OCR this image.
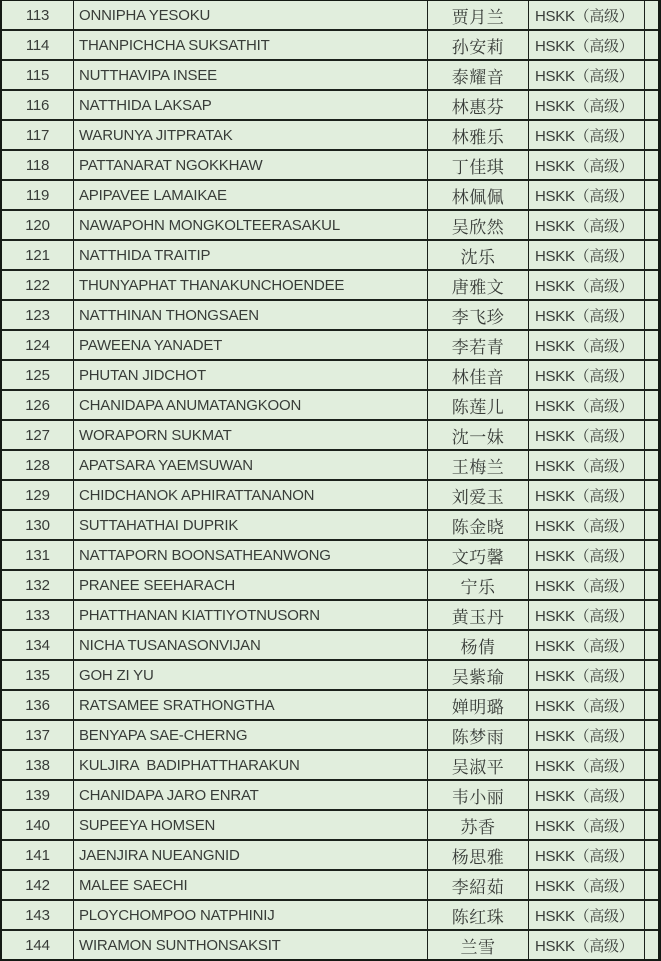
113	ONNIPHA YESOKU	贾月兰	HSKK（高级）
114	THANPICHCHA SUKSATHIT	孙安莉	HSKK（高级）
115	NUTTHAVIPA INSEE	泰耀音	HSKK（高级）
116	NATTHIDA LAKSAP	林惠芬	HSKK（高级）
117	WARUNYA JITPRATAK	林雅乐	HSKK（高级）
118	PATTANARAT NGOKKHAW	丁佳琪	HSKK（高级）
119	APIPAVEE LAMAIKAE	林佩佩	HSKK（高级）
120	NAWAPOHN MONGKOLTEERASAKUL	吴欣然	HSKK（高级）
121	NATTHIDA TRAITIP	沈乐	HSKK（高级）
122	THUNYAPHAT THANAKUNCHOENDEE	唐雅文	HSKK（高级）
123	NATTHINAN THONGSAEN	李飞珍	HSKK（高级）
124	PAWEENA YANADET	李若青	HSKK（高级）
125	PHUTAN JIDCHOT	林佳音	HSKK（高级）
126	CHANIDAPA ANUMATANGKOON	陈莲儿	HSKK（高级）
127	WORAPORN SUKMAT	沈一妹	HSKK（高级）
128	APATSARA YAEMSUWAN	王梅兰	HSKK（高级）
129	CHIDCHANOK APHIRATTANANON	刘爱玉	HSKK（高级）
130	SUTTAHATHAI DUPRIK	陈金晓	HSKK（高级）
131	NATTAPORN BOONSATHEANWONG	文巧馨	HSKK（高级）
132	PRANEE SEEHARACH	宁乐	HSKK（高级）
133	PHATTHANAN KIATTIYOTNUSORN	黄玉丹	HSKK（高级）
134	NICHA TUSANASONVIJAN	杨倩	HSKK（高级）
135	GOH ZI YU	吴紫瑜	HSKK（高级）
136	RATSAMEE SRATHONGTHA	婵明璐	HSKK（高级）
137	BENYAPA SAE-CHERNG	陈梦雨	HSKK（高级）
138	KULJIRA  BADIPHATTHARAKUN	吴淑平	HSKK（高级）
139	CHANIDAPA JARO ENRAT	韦小丽	HSKK（高级）
140	SUPEEYA HOMSEN	苏香	HSKK（高级）
141	JAENJIRA NUEANGNID	杨思雅	HSKK（高级）
142	MALEE SAECHI	李紹茹	HSKK（高级）
143	PLOYCHOMPOO NATPHINIJ	陈红珠	HSKK（高级）
144	WIRAMON SUNTHONSAKSIT	兰雪	HSKK（高级）
